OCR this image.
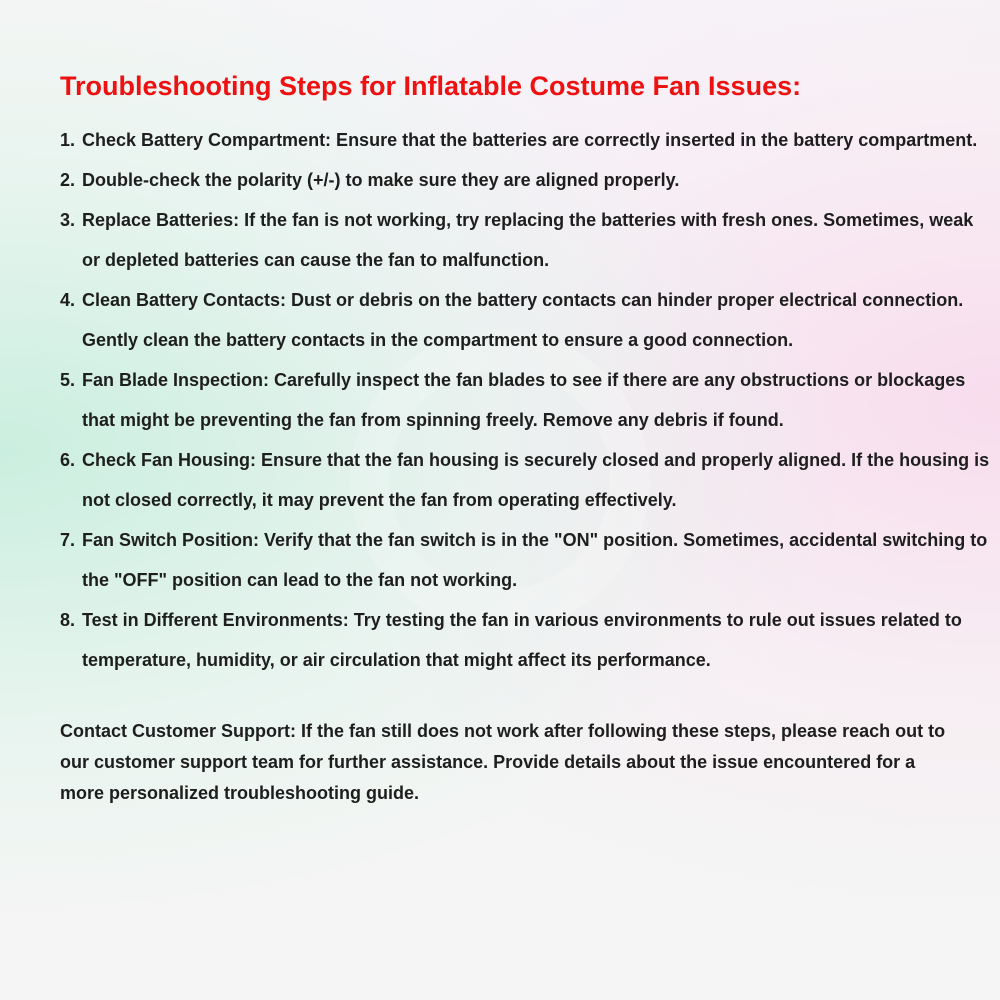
Troubleshooting Steps for Inflatable Costume Fan Issues:
1. Check Battery Compartment: Ensure that the batteries are correctly inserted in the battery compartment.
2. Double-check the polarity (+/-) to make sure they are aligned properly.
3. Replace Batteries: If the fan is not working, try replacing the batteries with fresh ones. Sometimes, weak or depleted batteries can cause the fan to malfunction.
4. Clean Battery Contacts: Dust or debris on the battery contacts can hinder proper electrical connection. Gently clean the battery contacts in the compartment to ensure a good connection.
5. Fan Blade Inspection: Carefully inspect the fan blades to see if there are any obstructions or blockages that might be preventing the fan from spinning freely. Remove any debris if found.
6. Check Fan Housing: Ensure that the fan housing is securely closed and properly aligned. If the housing is not closed correctly, it may prevent the fan from operating effectively.
7. Fan Switch Position: Verify that the fan switch is in the "ON" position. Sometimes, accidental switching to the "OFF" position can lead to the fan not working.
8. Test in Different Environments: Try testing the fan in various environments to rule out issues related to temperature, humidity, or air circulation that might affect its performance.

Contact Customer Support: If the fan still does not work after following these steps, please reach out to our customer support team for further assistance. Provide details about the issue encountered for a more personalized troubleshooting guide.
